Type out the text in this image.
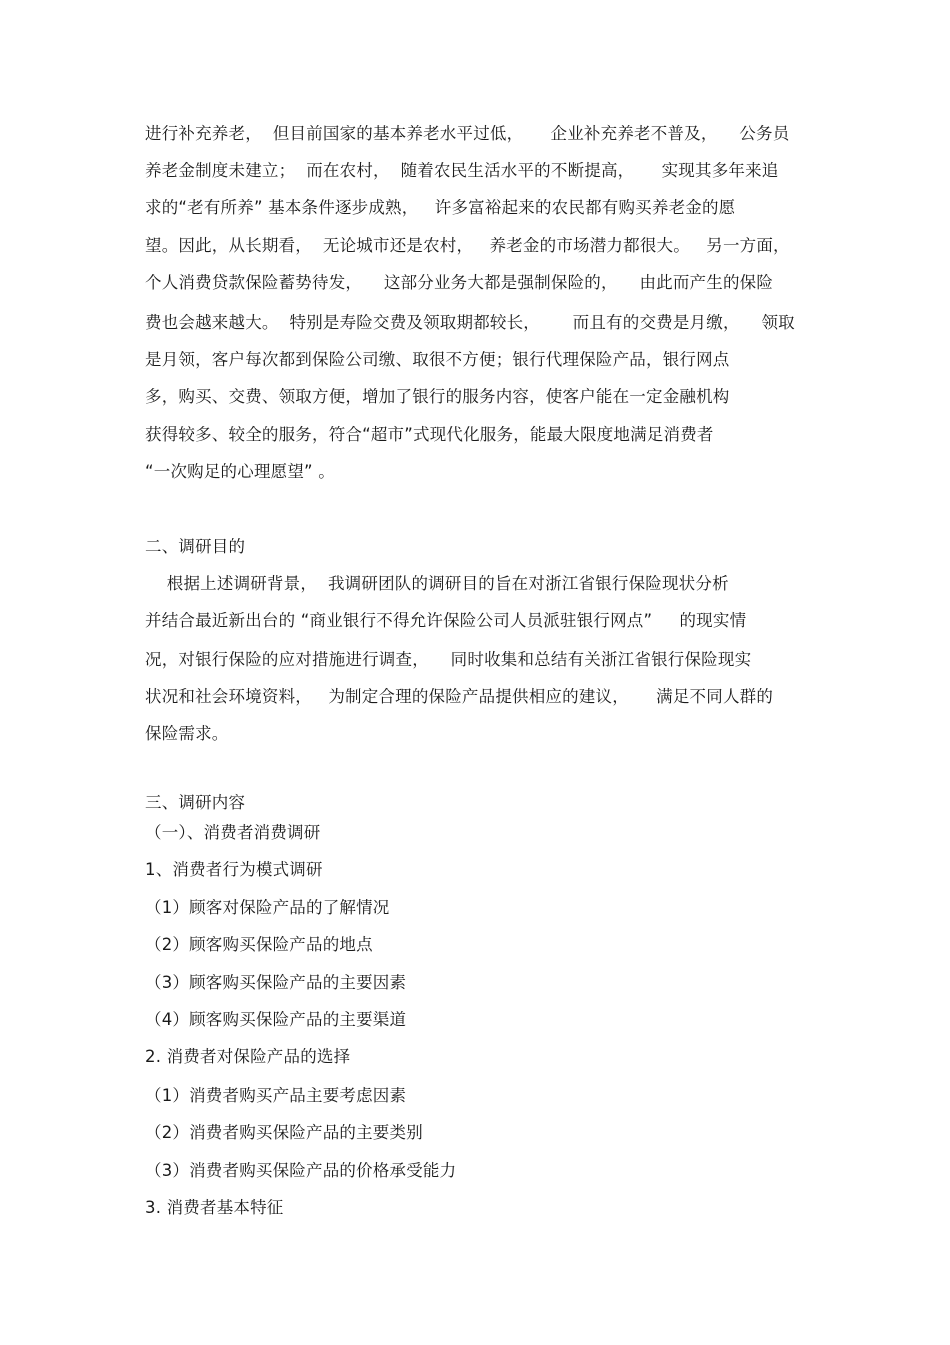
进行补充养老，  但目前国家的基本养老水平过低，     企业补充养老不普及，    公务员
养老金制度未建立；  而在农村，  随着农民生活水平的不断提高，     实现其多年来追
求的“老有所养” 基本条件逐步成熟，   许多富裕起来的农民都有购买养老金的愿
望。因此，从长期看，  无论城市还是农村，   养老金的市场潜力都很大。   另一方面，
个人消费贷款保险蓄势待发，    这部分业务大都是强制保险的，    由此而产生的保险
费也会越来越大。  特别是寿险交费及领取期都较长，      而且有的交费是月缴，    领取
是月领，客户每次都到保险公司缴、取很不方便；银行代理保险产品，银行网点
多，购买、交费、领取方便，增加了银行的服务内容，使客户能在一定金融机构
获得较多、较全的服务，符合“超市”式现代化服务，能最大限度地满足消费者
“一次购足的心理愿望” 。
二、调研目的
根据上述调研背景，  我调研团队的调研目的旨在对浙江省银行保险现状分析
并结合最近新出台的 “商业银行不得允许保险公司人员派驻银行网点”     的现实情
况，对银行保险的应对措施进行调查，    同时收集和总结有关浙江省银行保险现实
状况和社会环境资料，   为制定合理的保险产品提供相应的建议，     满足不同人群的
保险需求。
三、调研内容
（一）、消费者消费调研
1、消费者行为模式调研
（1）顾客对保险产品的了解情况
（2）顾客购买保险产品的地点
（3）顾客购买保险产品的主要因素
（4）顾客购买保险产品的主要渠道
2. 消费者对保险产品的选择
（1）消费者购买产品主要考虑因素
（2）消费者购买保险产品的主要类别
（3）消费者购买保险产品的价格承受能力
3. 消费者基本特征
